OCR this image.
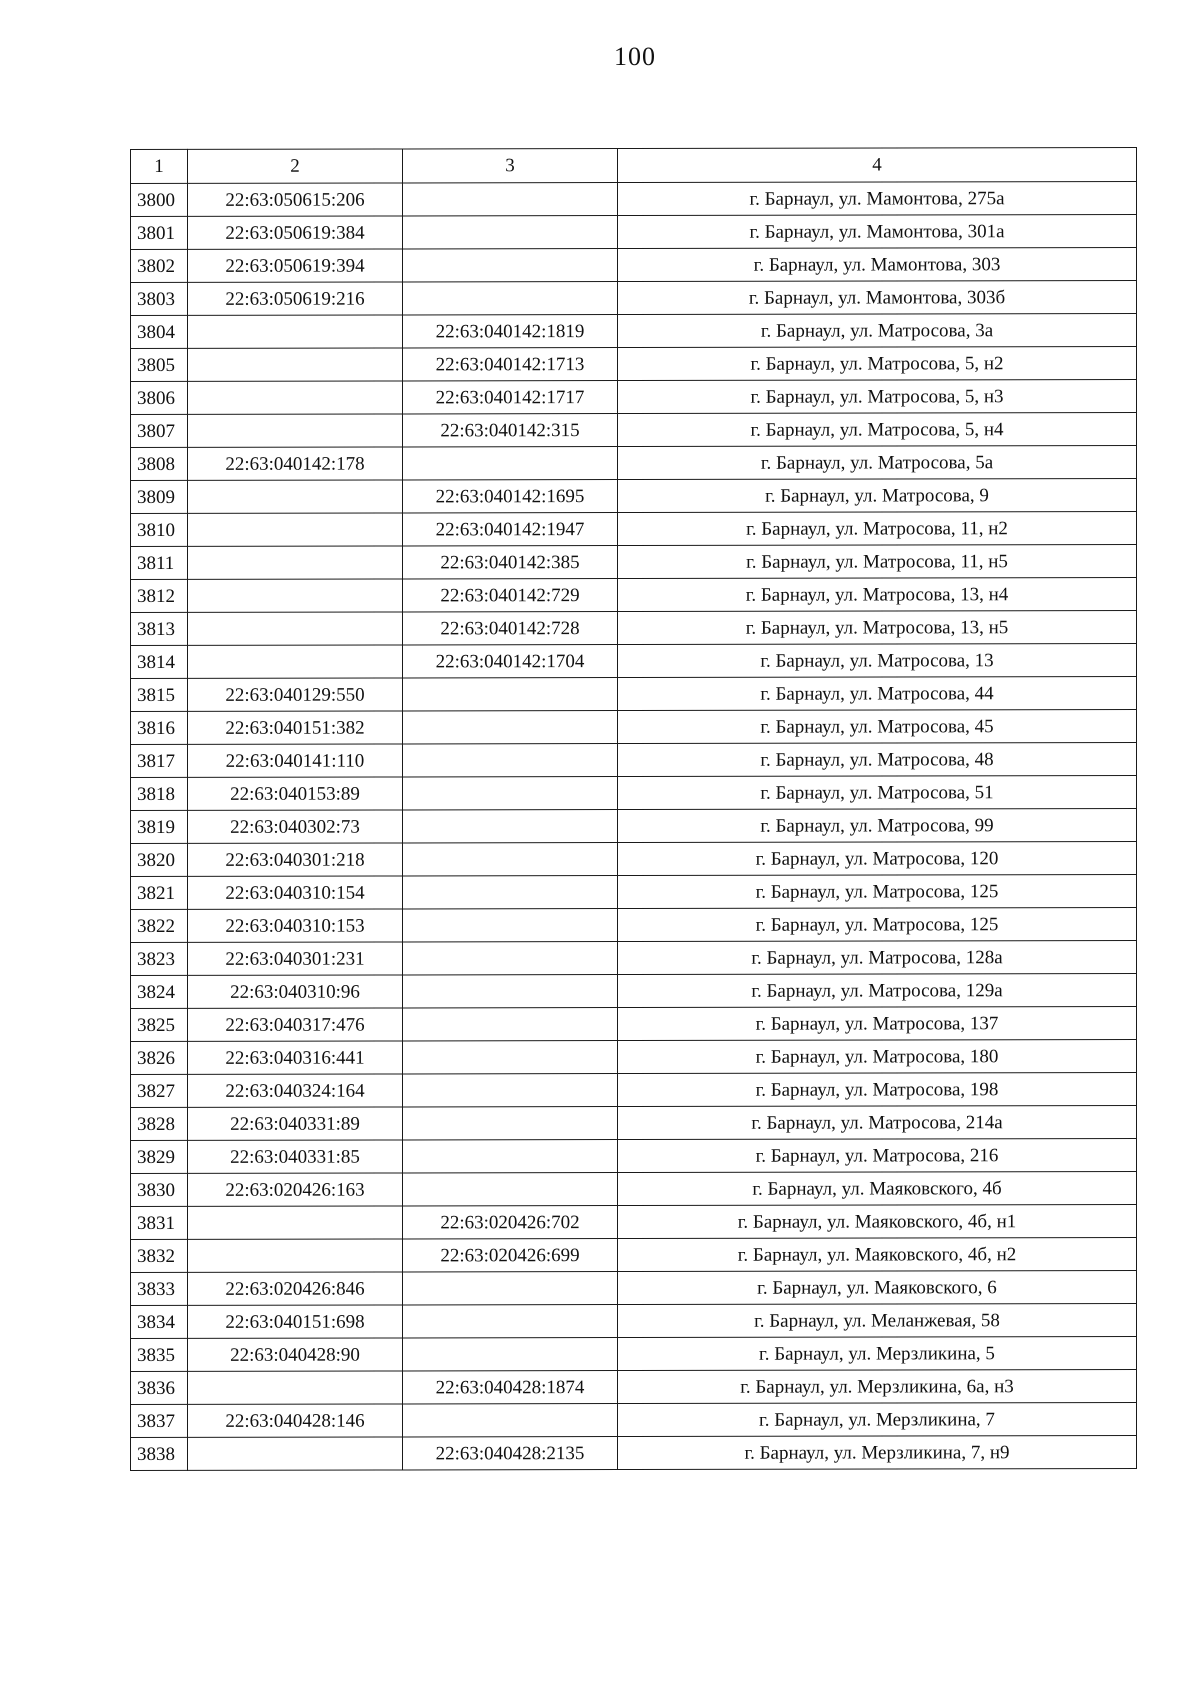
100
1	2	3	4
3800	22:63:050615:206		г. Барнаул, ул. Мамонтова, 275а
3801	22:63:050619:384		г. Барнаул, ул. Мамонтова, 301а
3802	22:63:050619:394		г. Барнаул, ул. Мамонтова, 303
3803	22:63:050619:216		г. Барнаул, ул. Мамонтова, 303б
3804		22:63:040142:1819	г. Барнаул, ул. Матросова, 3а
3805		22:63:040142:1713	г. Барнаул, ул. Матросова, 5, н2
3806		22:63:040142:1717	г. Барнаул, ул. Матросова, 5, н3
3807		22:63:040142:315	г. Барнаул, ул. Матросова, 5, н4
3808	22:63:040142:178		г. Барнаул, ул. Матросова, 5а
3809		22:63:040142:1695	г. Барнаул, ул. Матросова, 9
3810		22:63:040142:1947	г. Барнаул, ул. Матросова, 11, н2
3811		22:63:040142:385	г. Барнаул, ул. Матросова, 11, н5
3812		22:63:040142:729	г. Барнаул, ул. Матросова, 13, н4
3813		22:63:040142:728	г. Барнаул, ул. Матросова, 13, н5
3814		22:63:040142:1704	г. Барнаул, ул. Матросова, 13
3815	22:63:040129:550		г. Барнаул, ул. Матросова, 44
3816	22:63:040151:382		г. Барнаул, ул. Матросова, 45
3817	22:63:040141:110		г. Барнаул, ул. Матросова, 48
3818	22:63:040153:89		г. Барнаул, ул. Матросова, 51
3819	22:63:040302:73		г. Барнаул, ул. Матросова, 99
3820	22:63:040301:218		г. Барнаул, ул. Матросова, 120
3821	22:63:040310:154		г. Барнаул, ул. Матросова, 125
3822	22:63:040310:153		г. Барнаул, ул. Матросова, 125
3823	22:63:040301:231		г. Барнаул, ул. Матросова, 128а
3824	22:63:040310:96		г. Барнаул, ул. Матросова, 129а
3825	22:63:040317:476		г. Барнаул, ул. Матросова, 137
3826	22:63:040316:441		г. Барнаул, ул. Матросова, 180
3827	22:63:040324:164		г. Барнаул, ул. Матросова, 198
3828	22:63:040331:89		г. Барнаул, ул. Матросова, 214а
3829	22:63:040331:85		г. Барнаул, ул. Матросова, 216
3830	22:63:020426:163		г. Барнаул, ул. Маяковского, 4б
3831		22:63:020426:702	г. Барнаул, ул. Маяковского, 4б, н1
3832		22:63:020426:699	г. Барнаул, ул. Маяковского, 4б, н2
3833	22:63:020426:846		г. Барнаул, ул. Маяковского, 6
3834	22:63:040151:698		г. Барнаул, ул. Меланжевая, 58
3835	22:63:040428:90		г. Барнаул, ул. Мерзликина, 5
3836		22:63:040428:1874	г. Барнаул, ул. Мерзликина, 6а, н3
3837	22:63:040428:146		г. Барнаул, ул. Мерзликина, 7
3838		22:63:040428:2135	г. Барнаул, ул. Мерзликина, 7, н9
